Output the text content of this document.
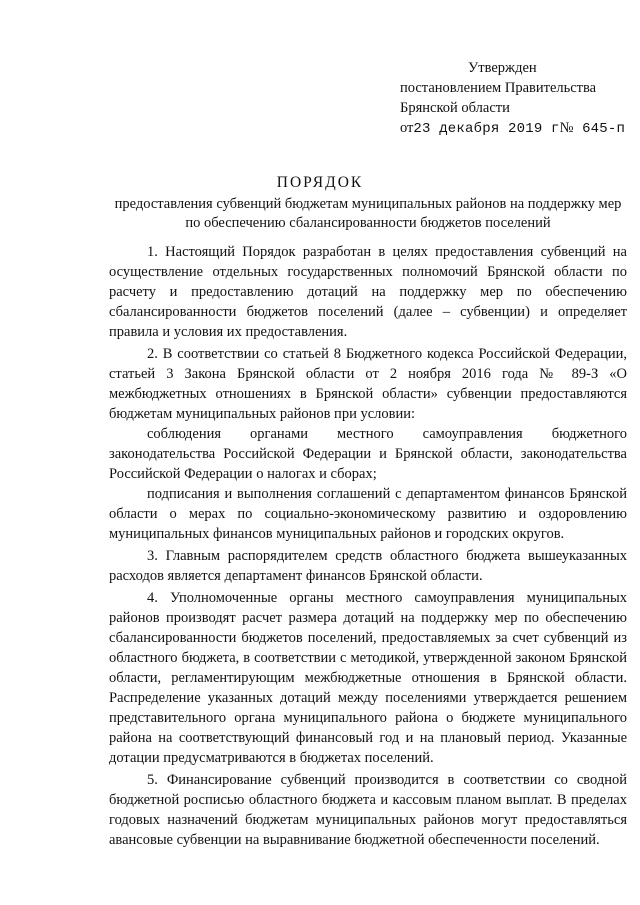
Утвержден
постановлением Правительства
Брянской области
от23 декабря 2019 г№ 645-п
ПОРЯДОК
предоставления субвенций бюджетам муниципальных районов на поддержку мер по обеспечению сбалансированности бюджетов поселений

1. Настоящий Порядок разработан в целях предоставления субвенций на осуществление отдельных государственных полномочий Брянской области по расчету и предоставлению дотаций на поддержку мер по обеспечению сбалансированности бюджетов поселений (далее – субвенции) и определяет правила и условия их предоставления.

2. В соответствии со статьей 8 Бюджетного кодекса Российской Федерации, статьей 3 Закона Брянской области от 2 ноября 2016 года № 89-З «О межбюджетных отношениях в Брянской области» субвенции предоставляются бюджетам муниципальных районов при условии:

соблюдения органами местного самоуправления бюджетного законодательства Российской Федерации и Брянской области, законодательства Российской Федерации о налогах и сборах;

подписания и выполнения соглашений с департаментом финансов Брянской области о мерах по социально-экономическому развитию и оздоровлению муниципальных финансов муниципальных районов и городских округов.

3. Главным распорядителем средств областного бюджета вышеуказанных расходов является департамент финансов Брянской области.

4. Уполномоченные органы местного самоуправления муниципальных районов производят расчет размера дотаций на поддержку мер по обеспечению сбалансированности бюджетов поселений, предоставляемых за счет субвенций из областного бюджета, в соответствии с методикой, утвержденной законом Брянской области, регламентирующим межбюджетные отношения в Брянской области. Распределение указанных дотаций между поселениями утверждается решением представительного органа муниципального района о бюджете муниципального района на соответствующий финансовый год и на плановый период. Указанные дотации предусматриваются в бюджетах поселений.

5. Финансирование субвенций производится в соответствии со сводной бюджетной росписью областного бюджета и кассовым планом выплат. В пределах годовых назначений бюджетам муниципальных районов могут предоставляться авансовые субвенции на выравнивание бюджетной обеспеченности поселений.
